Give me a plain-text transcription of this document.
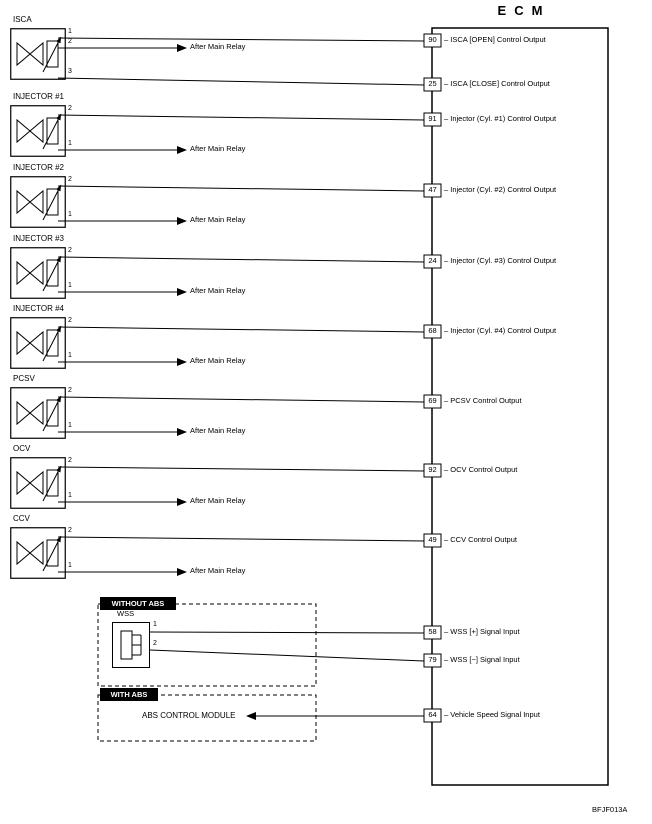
ECM
90 – ISCA [OPEN] Control Output
25 – ISCA [CLOSE] Control Output
91 – Injector (Cyl. #1) Control Output
47 – Injector (Cyl. #2) Control Output
24 – Injector (Cyl. #3) Control Output
68 – Injector (Cyl. #4) Control Output
69 – PCSV Control Output
92 – OCV Control Output
49 – CCV Control Output
58 – WSS [+] Signal Input
79 – WSS [−] Signal Input
64 – Vehicle Speed Signal Input
ISCA
1
2
After Main Relay
3
INJECTOR #1
2
1
After Main Relay
INJECTOR #2
2
1
After Main Relay
INJECTOR #3
2
1
After Main Relay
INJECTOR #4
2
1
After Main Relay
PCSV
2
1
After Main Relay
OCV
2
1
After Main Relay
CCV
2
1
After Main Relay
WITHOUT ABS
WSS
1
2
WITH ABS
ABS CONTROL MODULE
BFJF013A
